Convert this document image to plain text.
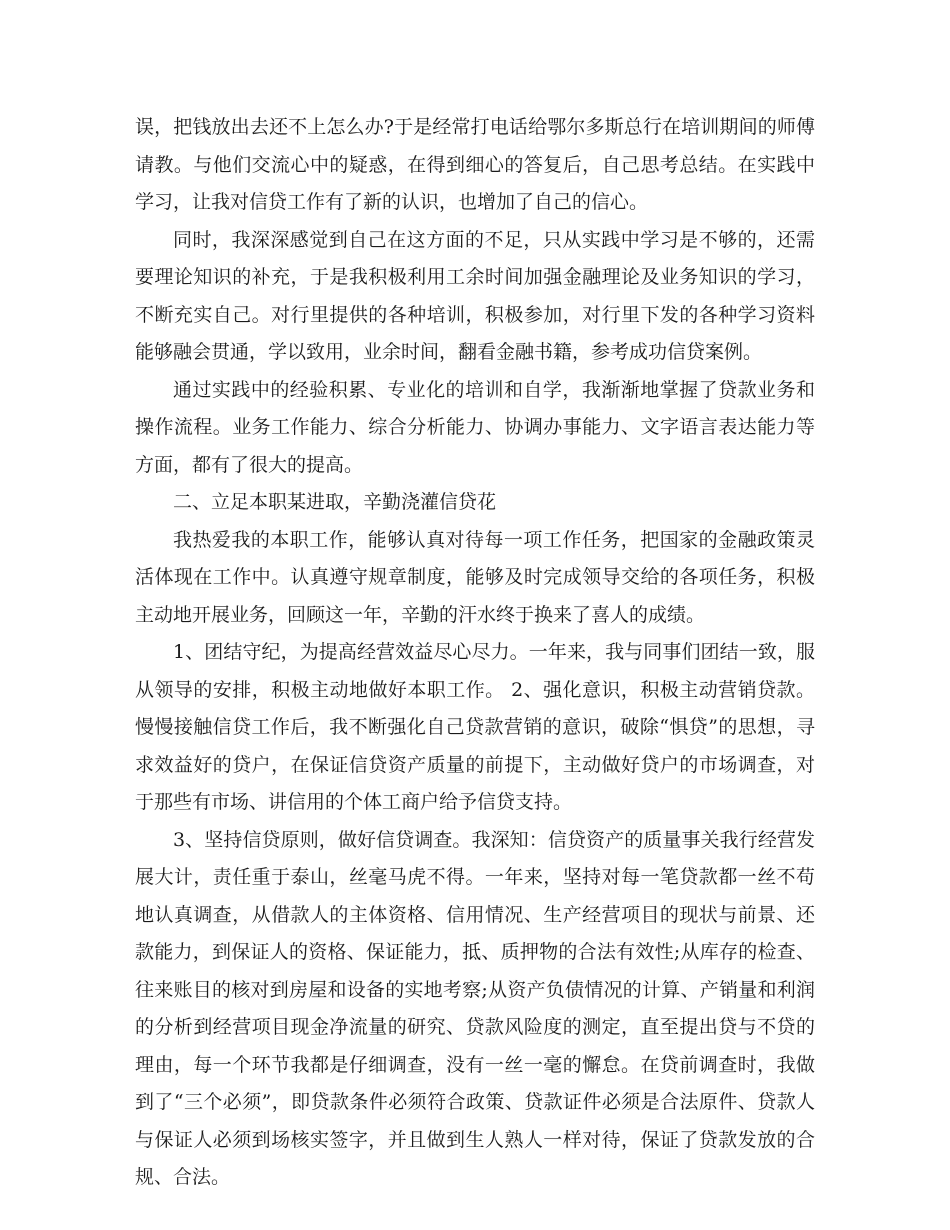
误，把钱放出去还不上怎么办?于是经常打电话给鄂尔多斯总行在培训期间的师傅请教。与他们交流心中的疑惑，在得到细心的答复后，自己思考总结。在实践中学习，让我对信贷工作有了新的认识，也增加了自己的信心。

同时，我深深感觉到自己在这方面的不足，只从实践中学习是不够的，还需要理论知识的补充，于是我积极利用工余时间加强金融理论及业务知识的学习，不断充实自己。对行里提供的各种培训，积极参加，对行里下发的各种学习资料能够融会贯通，学以致用，业余时间，翻看金融书籍，参考成功信贷案例。

通过实践中的经验积累、专业化的培训和自学，我渐渐地掌握了贷款业务和操作流程。业务工作能力、综合分析能力、协调办事能力、文字语言表达能力等方面，都有了很大的提高。

二、立足本职某进取，辛勤浇灌信贷花

我热爱我的本职工作，能够认真对待每一项工作任务，把国家的金融政策灵活体现在工作中。认真遵守规章制度，能够及时完成领导交给的各项任务，积极主动地开展业务，回顾这一年，辛勤的汗水终于换来了喜人的成绩。

1、团结守纪，为提高经营效益尽心尽力。一年来，我与同事们团结一致，服从领导的安排，积极主动地做好本职工作。 2、强化意识，积极主动营销贷款。慢慢接触信贷工作后，我不断强化自己贷款营销的意识，破除“惧贷”的思想，寻求效益好的贷户，在保证信贷资产质量的前提下，主动做好贷户的市场调查，对于那些有市场、讲信用的个体工商户给予信贷支持。

3、坚持信贷原则，做好信贷调查。我深知：信贷资产的质量事关我行经营发展大计，责任重于泰山，丝毫马虎不得。一年来，坚持对每一笔贷款都一丝不苟地认真调查，从借款人的主体资格、信用情况、生产经营项目的现状与前景、还款能力，到保证人的资格、保证能力，抵、质押物的合法有效性;从库存的检查、往来账目的核对到房屋和设备的实地考察;从资产负债情况的计算、产销量和利润的分析到经营项目现金净流量的研究、贷款风险度的测定，直至提出贷与不贷的理由，每一个环节我都是仔细调查，没有一丝一毫的懈怠。在贷前调查时，我做到了“三个必须”，即贷款条件必须符合政策、贷款证件必须是合法原件、贷款人与保证人必须到场核实签字，并且做到生人熟人一样对待，保证了贷款发放的合规、合法。
